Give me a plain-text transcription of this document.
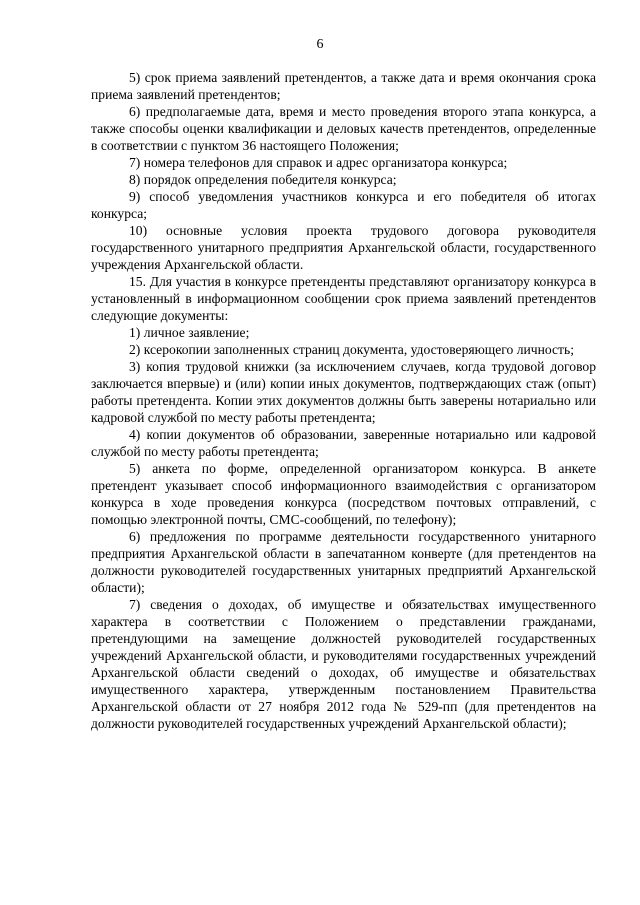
6

5) срок приема заявлений претендентов, а также дата и время окончания срока приема заявлений претендентов;

6) предполагаемые дата, время и место проведения второго этапа конкурса, а также способы оценки квалификации и деловых качеств претендентов, определенные в соответствии с пунктом 36 настоящего Положения;

7) номера телефонов для справок и адрес организатора конкурса;

8) порядок определения победителя конкурса;

9) способ уведомления участников конкурса и его победителя об итогах конкурса;

10) основные условия проекта трудового договора руководителя государственного унитарного предприятия Архангельской области, государственного учреждения Архангельской области.

15. Для участия в конкурсе претенденты представляют организатору конкурса в установленный в информационном сообщении срок приема заявлений претендентов следующие документы:

1) личное заявление;

2) ксерокопии заполненных страниц документа, удостоверяющего личность;

3) копия трудовой книжки (за исключением случаев, когда трудовой договор заключается впервые) и (или) копии иных документов, подтверждающих стаж (опыт) работы претендента. Копии этих документов должны быть заверены нотариально или кадровой службой по месту работы претендента;

4) копии документов об образовании, заверенные нотариально или кадровой службой по месту работы претендента;

5) анкета по форме, определенной организатором конкурса. В анкете претендент указывает способ информационного взаимодействия с организатором конкурса в ходе проведения конкурса (посредством почтовых отправлений, с помощью электронной почты, СМС-сообщений, по телефону);

6) предложения по программе деятельности государственного унитарного предприятия Архангельской области в запечатанном конверте (для претендентов на должности руководителей государственных унитарных предприятий Архангельской области);

7) сведения о доходах, об имуществе и обязательствах имущественного характера в соответствии с Положением о представлении гражданами, претендующими на замещение должностей руководителей государственных учреждений Архангельской области, и руководителями государственных учреждений Архангельской области сведений о доходах, об имуществе и обязательствах имущественного характера, утвержденным постановлением Правительства Архангельской области от 27 ноября 2012 года № 529-пп (для претендентов на должности руководителей государственных учреждений Архангельской области);
